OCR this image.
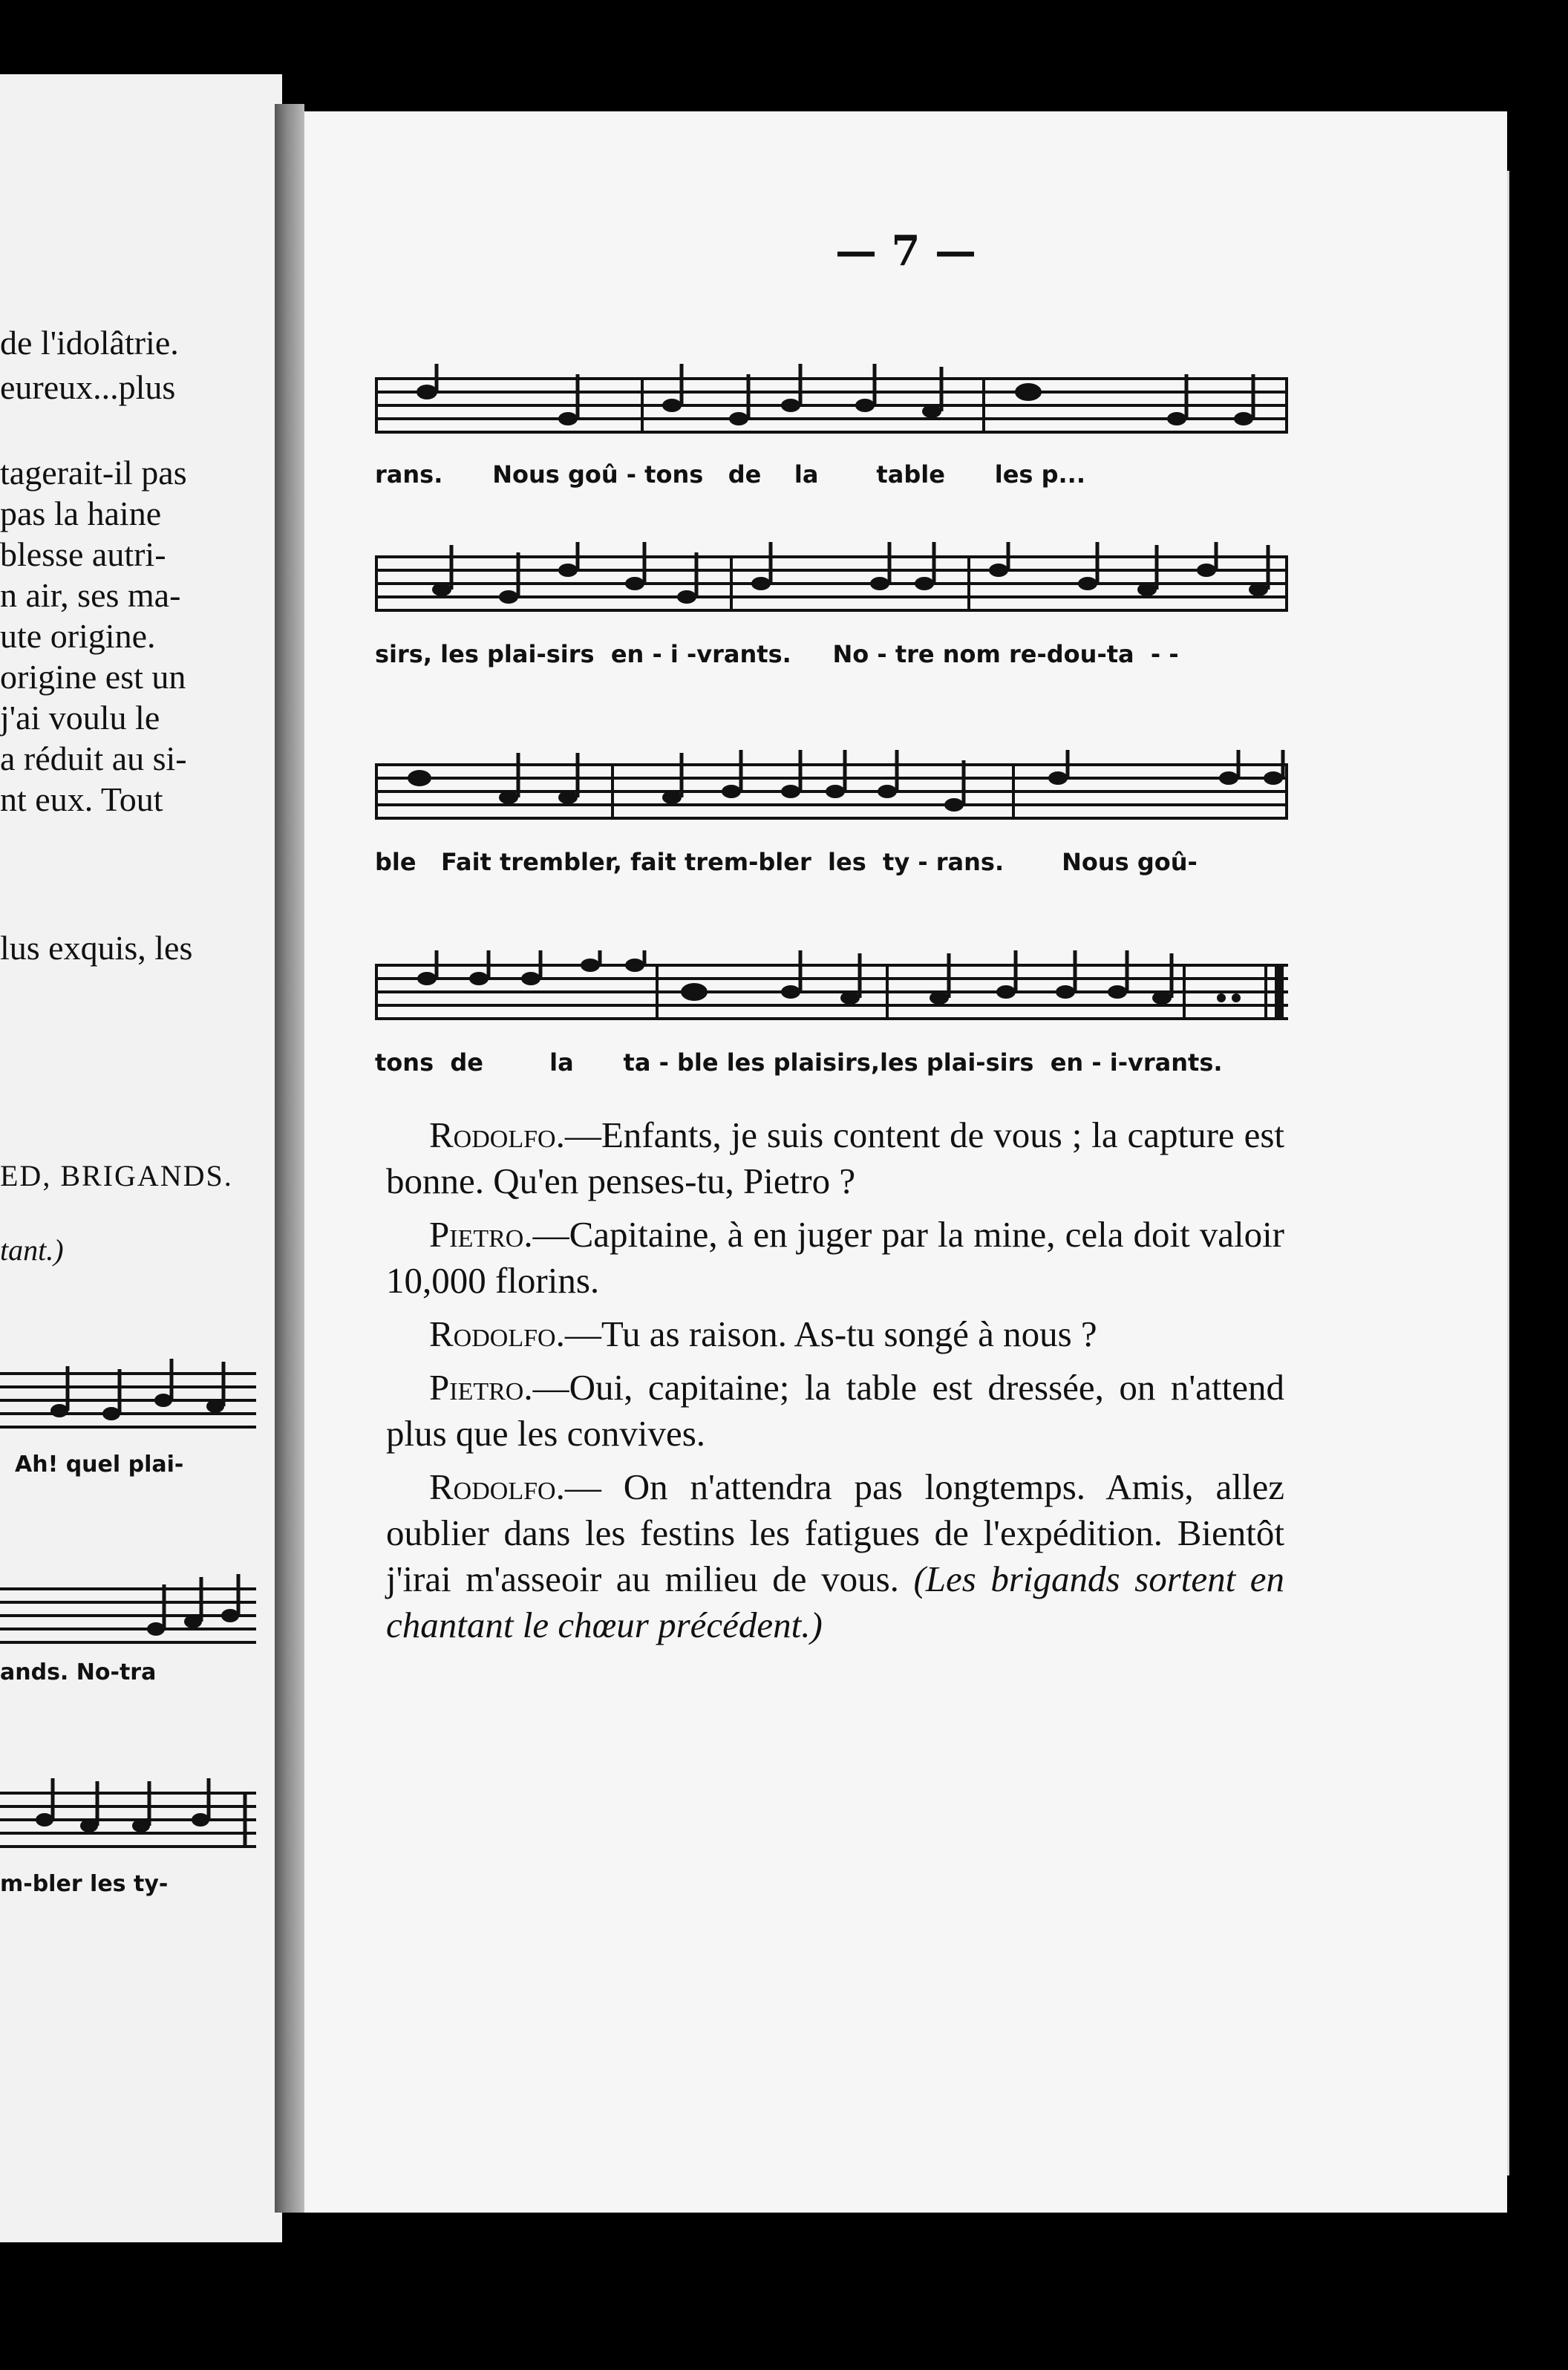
de l'idolâtrie.
eureux...plus
tagerait-il pas
pas la haine
blesse autri-
n air, ses ma-
ute origine.
origine est un
j'ai voulu le
a réduit au si-
nt eux. Tout
lus exquis, les
ED, BRIGANDS.
tant.)
Ah! quel plai-
ands. No-tra
m-bler les ty-
— 7 —
rans.      Nous goû - tons   de    la       table      les p...
sirs, les plai-sirs  en - i -vrants.     No - tre nom re-dou-ta  - -
ble   Fait trembler, fait trem-bler  les  ty - rans.       Nous goû-
tons  de        la      ta - ble les plaisirs,les plai-sirs  en - i-vrants.

Rodolfo.—Enfants, je suis content de vous ; la capture est bonne. Qu'en penses-tu, Pietro ?

Pietro.—Capitaine, à en juger par la mine, cela doit valoir 10,000 florins.

Rodolfo.—Tu as raison. As-tu songé à nous ?

Pietro.—Oui, capitaine; la table est dressée, on n'attend plus que les convives.

Rodolfo.— On n'attendra pas longtemps. Amis, allez oublier dans les festins les fatigues de l'expédition. Bientôt j'irai m'asseoir au milieu de vous. (Les brigands sortent en chantant le chœur précédent.)
